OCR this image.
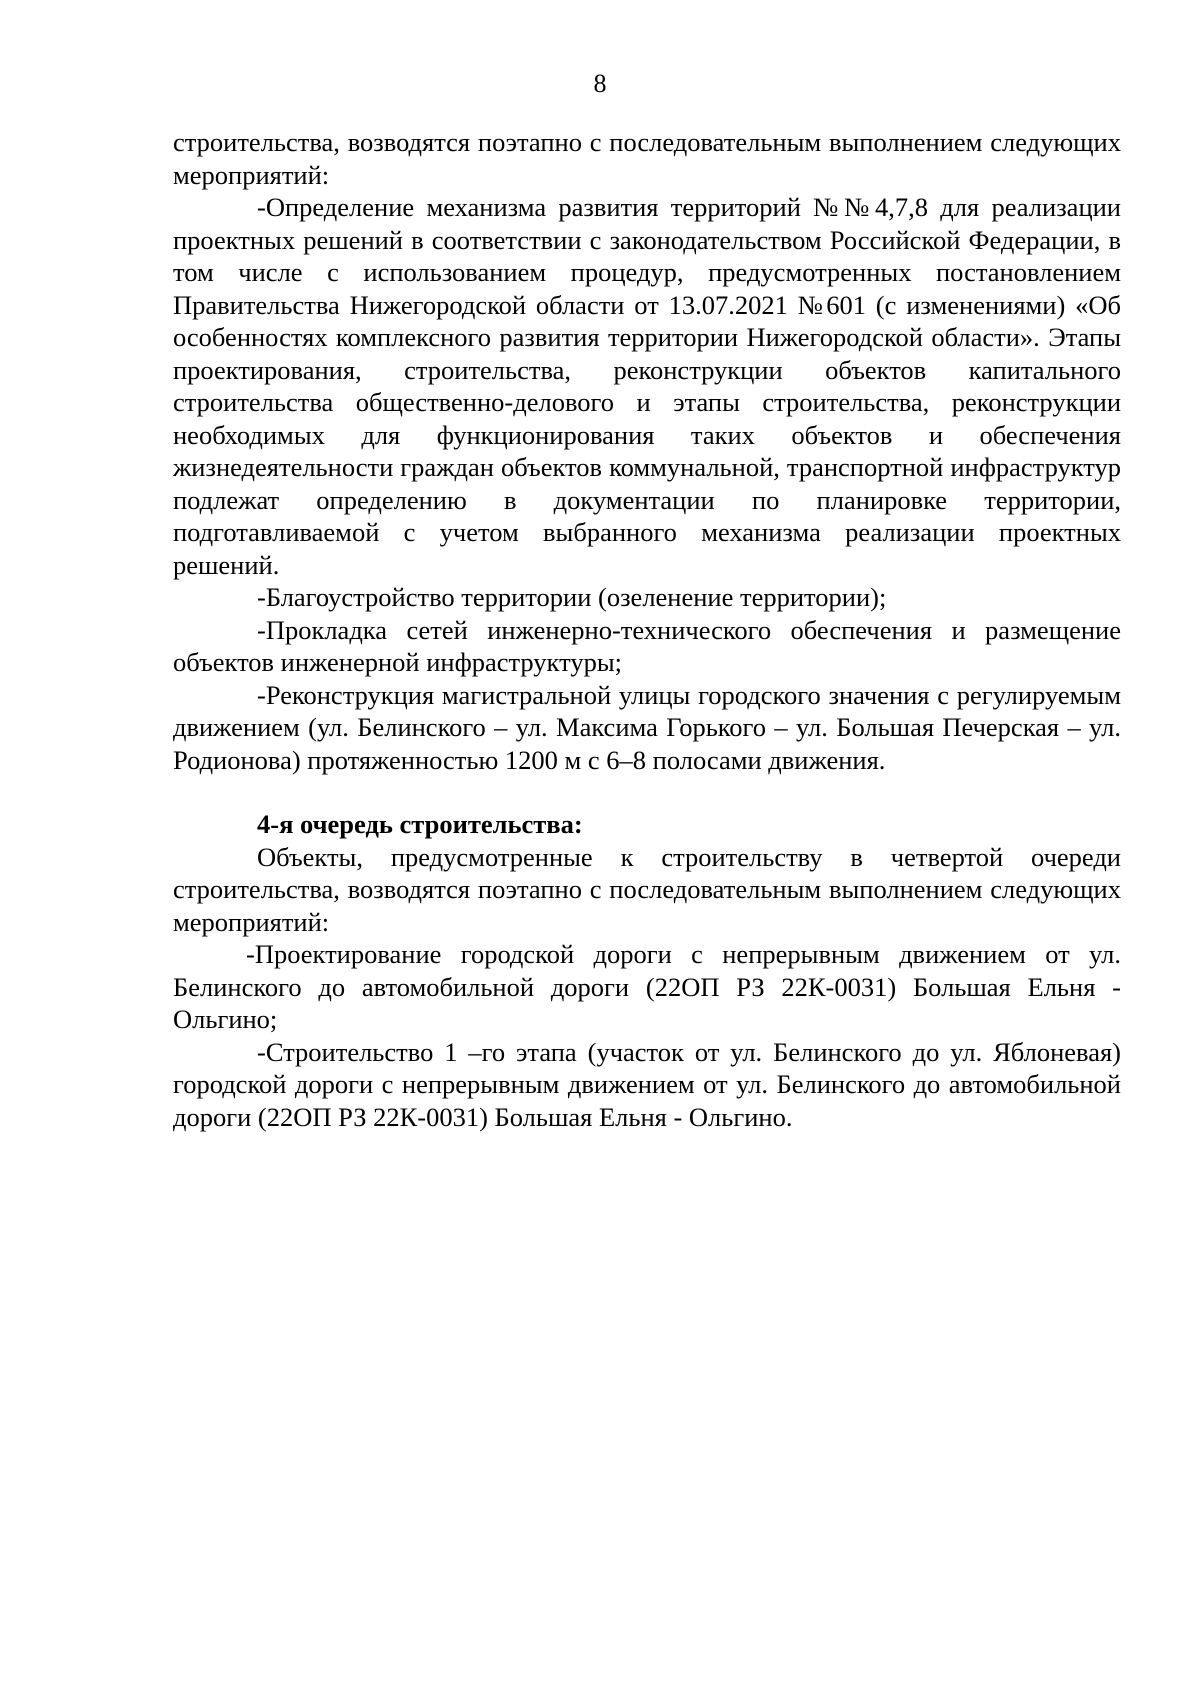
8

строительства, возводятся поэтапно с последовательным выполнением следующих мероприятий:

-Определение механизма развития территорий №№4,7,8 для реализации проектных решений в соответствии с законодательством Российской Федерации, в том числе с использованием процедур, предусмотренных постановлением Правительства Нижегородской области от 13.07.2021 №601 (с изменениями) «Об особенностях комплексного развития территории Нижегородской области». Этапы проектирования, строительства, реконструкции объектов капитального строительства общественно-делового и этапы строительства, реконструкции необходимых для функционирования таких объектов и обеспечения жизнедеятельности граждан объектов коммунальной, транспортной инфраструктур подлежат определению в документации по планировке территории, подготавливаемой с учетом выбранного механизма реализации проектных решений.

-Благоустройство территории (озеленение территории);

-Прокладка сетей инженерно-технического обеспечения и размещение объектов инженерной инфраструктуры;

-Реконструкция магистральной улицы городского значения с регулируемым движением (ул. Белинского – ул. Максима Горького – ул. Большая Печерская – ул. Родионова) протяженностью 1200 м с 6–8 полосами движения.

4-я очередь строительства:

Объекты, предусмотренные к строительству в четвертой очереди строительства, возводятся поэтапно с последовательным выполнением следующих мероприятий:

-Проектирование городской дороги с непрерывным движением от ул. Белинского до автомобильной дороги (22ОП РЗ 22К-0031) Большая Ельня - Ольгино;

-Строительство 1 –го этапа (участок от ул. Белинского до ул. Яблоневая) городской дороги с непрерывным движением от ул. Белинского до автомобильной дороги (22ОП РЗ 22К-0031) Большая Ельня - Ольгино.
